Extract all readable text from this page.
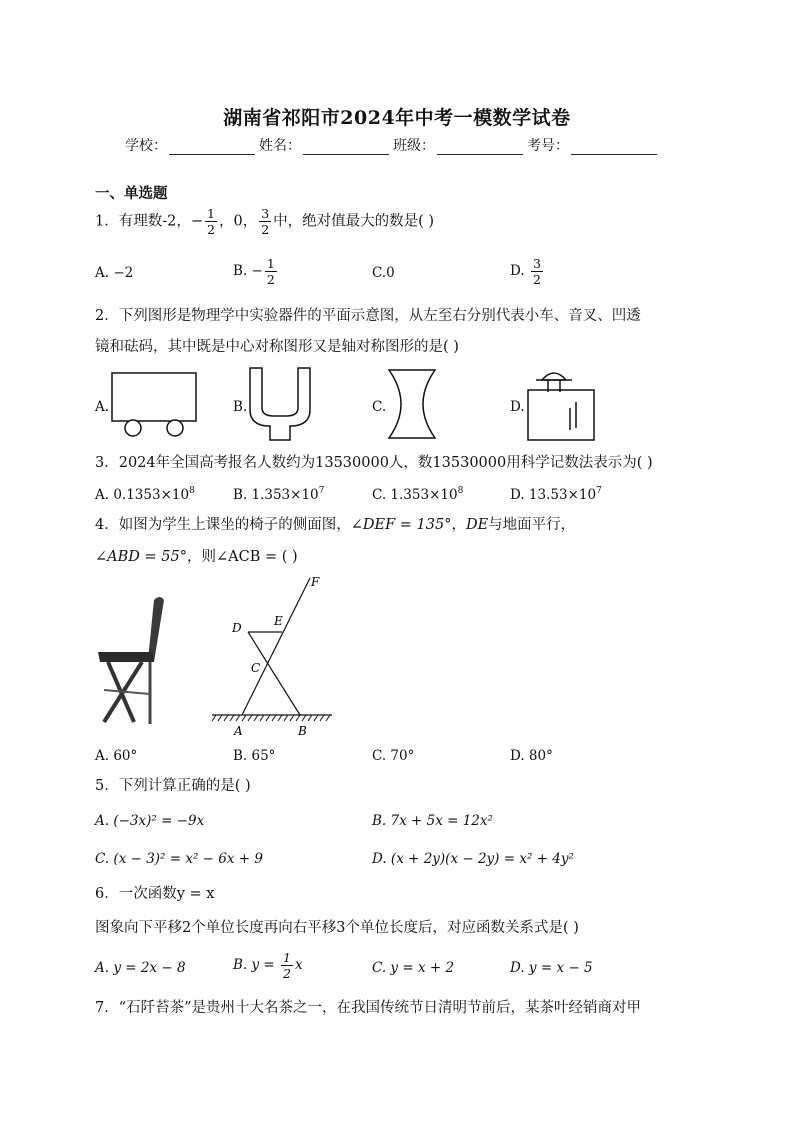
湖南省祁阳市2024年中考一模数学试卷
学校：	姓名：	班级：	考号：
一、单选题
1．有理数-2，− $\frac{1}{2}$ ，0， $\frac{3}{2}$ 中，绝对值最大的数是( )
A. −2	B. − $\frac{1}{2}$	C.0	D. $\frac{3}{2}$
2．下列图形是物理学中实验器件的平面示意图，从左至右分别代表小车、音叉、凹透
镜和砝码，其中既是中心对称图形又是轴对称图形的是( )
A.	B.	C.	D.
3．2024年全国高考报名人数约为13530000人，数13530000用科学记数法表示为( )
A. $0.1353\times 10^8$	B. $1.353\times 10^7$	C. $1.353\times 10^8$	D. $13.53\times 10^7$
4．如图为学生上课坐的椅子的侧面图，∠DEF = 135°，DE与地面平行，
∠ABD = 55°，则∠ACB = ( )
F
D	E
C
A	B
A. 60°	B. 65°	C. 70°	D. 80°
5．下列计算正确的是( )
A. (−3x)² = −9x	B. 7x + 5x = 12x²
C. (x − 3)² = x² − 6x + 9	D. (x + 2y)(x − 2y) = x² + 4y²
6．一次函数y = x
图象向下平移2个单位长度再向右平移3个单位长度后，对应函数关系式是( )
A. y = 2x − 8	B. $y = \frac{1}{2}$ x	C. y = x + 2	D. y = x − 5
7．“石阡苔茶”是贵州十大名茶之一，在我国传统节日清明节前后，某茶叶经销商对甲
